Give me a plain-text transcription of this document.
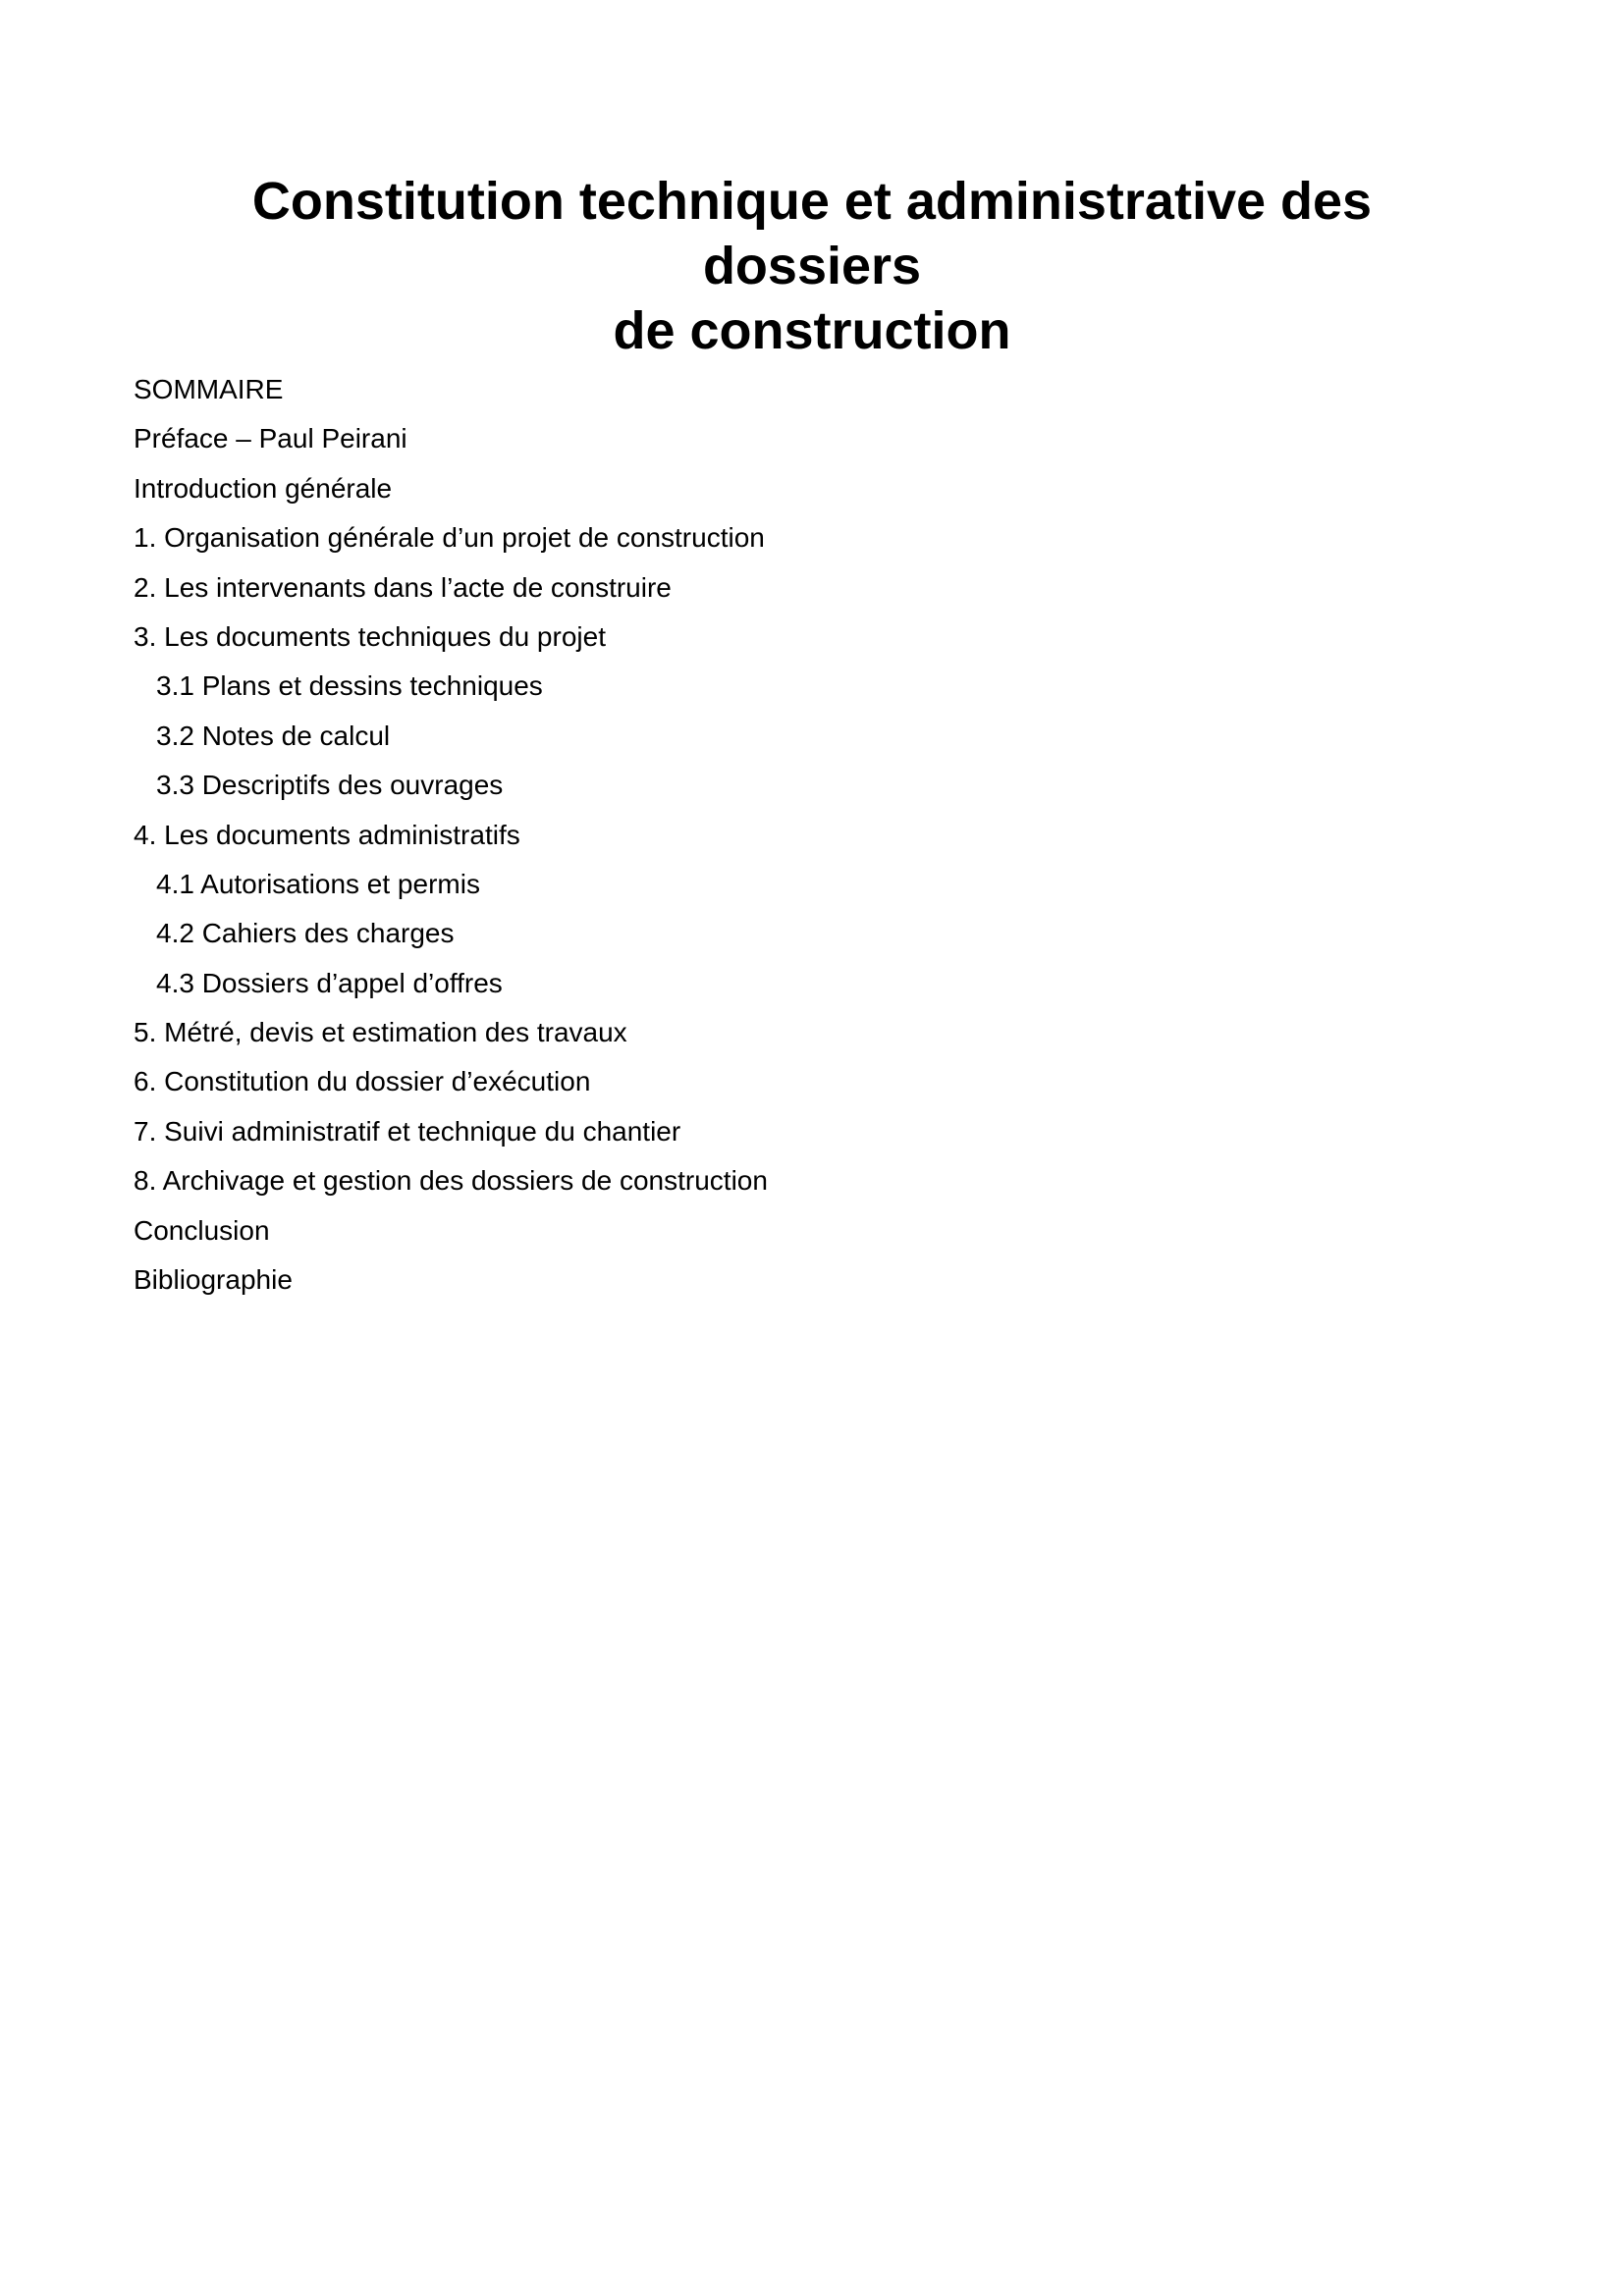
Constitution technique et administrative des dossiers
de construction
SOMMAIRE
Préface – Paul Peirani
Introduction générale
1. Organisation générale d’un projet de construction
2. Les intervenants dans l’acte de construire
3. Les documents techniques du projet
3.1 Plans et dessins techniques
3.2 Notes de calcul
3.3 Descriptifs des ouvrages
4. Les documents administratifs
4.1 Autorisations et permis
4.2 Cahiers des charges
4.3 Dossiers d’appel d’offres
5. Métré, devis et estimation des travaux
6. Constitution du dossier d’exécution
7. Suivi administratif et technique du chantier
8. Archivage et gestion des dossiers de construction
Conclusion
Bibliographie
